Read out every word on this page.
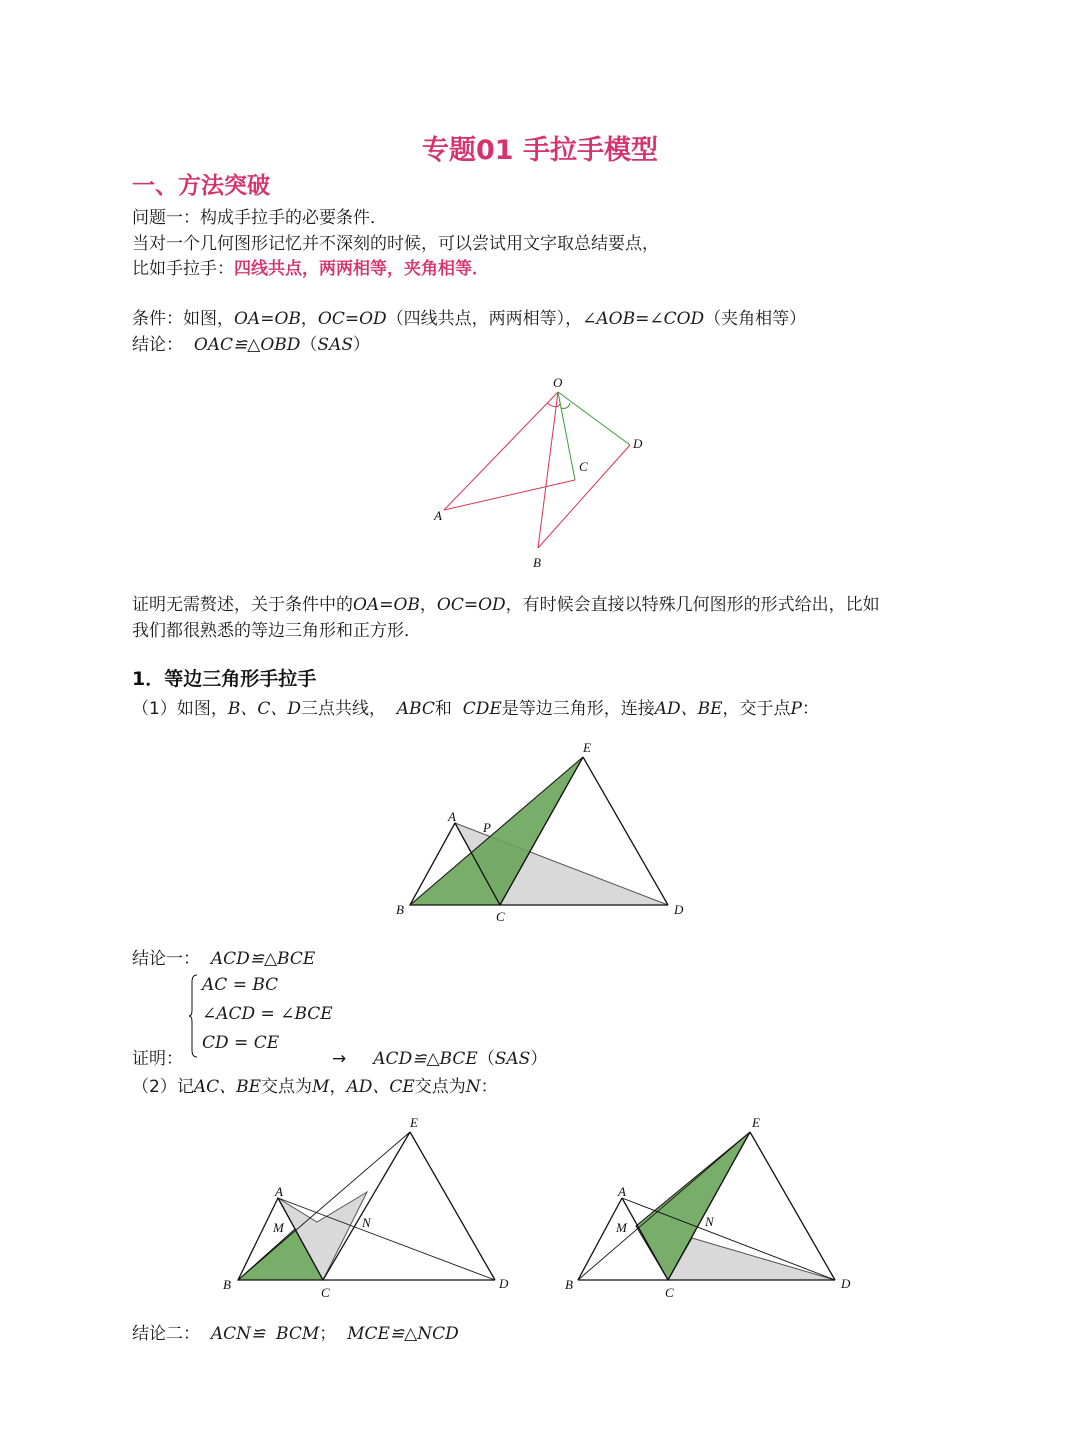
专题01 手拉手模型
一、方法突破
问题一：构成手拉手的必要条件．
当对一个几何图形记忆并不深刻的时候，可以尝试用文字取总结要点，
比如手拉手：四线共点，两两相等，夹角相等．
条件：如图，OA=OB，OC=OD（四线共点，两两相等），∠AOB=∠COD（夹角相等）
结论： OAC≌△OBD（SAS）
O
A
B
C
D
证明无需赘述，关于条件中的OA=OB，OC=OD，有时候会直接以特殊几何图形的形式给出，比如
我们都很熟悉的等边三角形和正方形．
1．等边三角形手拉手
（1）如图，B、C、D三点共线， ABC和 CDE是等边三角形，连接AD、BE，交于点P：
A
B	C	D
E
P
结论一： ACD≌△BCE
AC = BC
∠ACD = ∠BCE
CD = CE
证明：	→ ACD≌△BCE（SAS）
（2）记AC、BE交点为M，AD、CE交点为N：
A
B
C
D
E
M	N
A
B
C
D
E
M	N
结论二： ACN≌ BCM； MCE≌△NCD
